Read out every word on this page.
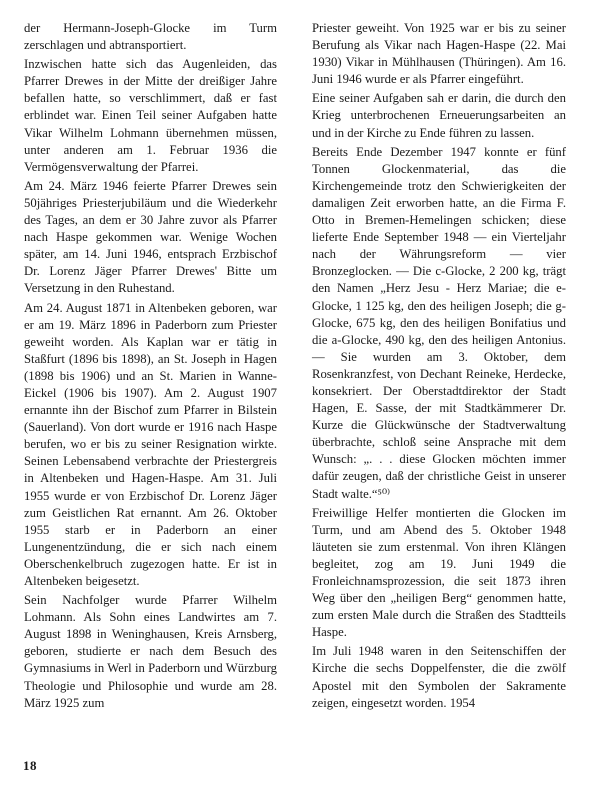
der Hermann-Joseph-Glocke im Turm zerschlagen und abtransportiert.

Inzwischen hatte sich das Augenleiden, das Pfarrer Drewes in der Mitte der dreißiger Jahre befallen hatte, so verschlimmert, daß er fast erblindet war. Einen Teil seiner Aufgaben hatte Vikar Wilhelm Lohmann übernehmen müssen, unter anderen am 1. Februar 1936 die Vermögensverwaltung der Pfarrei.

Am 24. März 1946 feierte Pfarrer Drewes sein 50jähriges Priesterjubiläum und die Wiederkehr des Tages, an dem er 30 Jahre zuvor als Pfarrer nach Haspe gekommen war. Wenige Wochen später, am 14. Juni 1946, entsprach Erzbischof Dr. Lorenz Jäger Pfarrer Drewes' Bitte um Versetzung in den Ruhestand.

Am 24. August 1871 in Altenbeken geboren, war er am 19. März 1896 in Paderborn zum Priester geweiht worden. Als Kaplan war er tätig in Staßfurt (1896 bis 1898), an St. Joseph in Hagen (1898 bis 1906) und an St. Marien in Wanne-Eickel (1906 bis 1907). Am 2. August 1907 ernannte ihn der Bischof zum Pfarrer in Bilstein (Sauerland). Von dort wurde er 1916 nach Haspe berufen, wo er bis zu seiner Resignation wirkte. Seinen Lebensabend verbrachte der Priestergreis in Altenbeken und Hagen-Haspe. Am 31. Juli 1955 wurde er von Erzbischof Dr. Lorenz Jäger zum Geistlichen Rat ernannt. Am 26. Oktober 1955 starb er in Paderborn an einer Lungenentzündung, die er sich nach einem Oberschenkelbruch zugezogen hatte. Er ist in Altenbeken beigesetzt.

Sein Nachfolger wurde Pfarrer Wilhelm Lohmann. Als Sohn eines Landwirtes am 7. August 1898 in Weninghausen, Kreis Arnsberg, geboren, studierte er nach dem Besuch des Gymnasiums in Werl in Paderborn und Würzburg Theologie und Philosophie und wurde am 28. März 1925 zum

Priester geweiht. Von 1925 war er bis zu seiner Berufung als Vikar nach Hagen-Haspe (22. Mai 1930) Vikar in Mühlhausen (Thüringen). Am 16. Juni 1946 wurde er als Pfarrer eingeführt.

Eine seiner Aufgaben sah er darin, die durch den Krieg unterbrochenen Erneuerungsarbeiten an und in der Kirche zu Ende führen zu lassen.

Bereits Ende Dezember 1947 konnte er fünf Tonnen Glockenmaterial, das die Kirchengemeinde trotz den Schwierigkeiten der damaligen Zeit erworben hatte, an die Firma F. Otto in Bremen-Hemelingen schicken; diese lieferte Ende September 1948 — ein Vierteljahr nach der Währungsreform — vier Bronzeglocken. — Die c-Glocke, 2 200 kg, trägt den Namen „Herz Jesu - Herz Mariae; die e-Glocke, 1 125 kg, den des heiligen Joseph; die g-Glocke, 675 kg, den des heiligen Bonifatius und die a-Glocke, 490 kg, den des heiligen Antonius. — Sie wurden am 3. Oktober, dem Rosenkranzfest, von Dechant Reineke, Herdecke, konsekriert. Der Oberstadtdirektor der Stadt Hagen, E. Sasse, der mit Stadtkämmerer Dr. Kurze die Glückwünsche der Stadtverwaltung überbrachte, schloß seine Ansprache mit dem Wunsch: „. . . diese Glocken möchten immer dafür zeugen, daß der christliche Geist in unserer Stadt walte.“⁵⁰⁾

Freiwillige Helfer montierten die Glocken im Turm, und am Abend des 5. Oktober 1948 läuteten sie zum erstenmal. Von ihren Klängen begleitet, zog am 19. Juni 1949 die Fronleichnamsprozession, die seit 1873 ihren Weg über den „heiligen Berg“ genommen hatte, zum ersten Male durch die Straßen des Stadtteils Haspe.

Im Juli 1948 waren in den Seitenschiffen der Kirche die sechs Doppelfenster, die die zwölf Apostel mit den Symbolen der Sakramente zeigen, eingesetzt worden. 1954

18
